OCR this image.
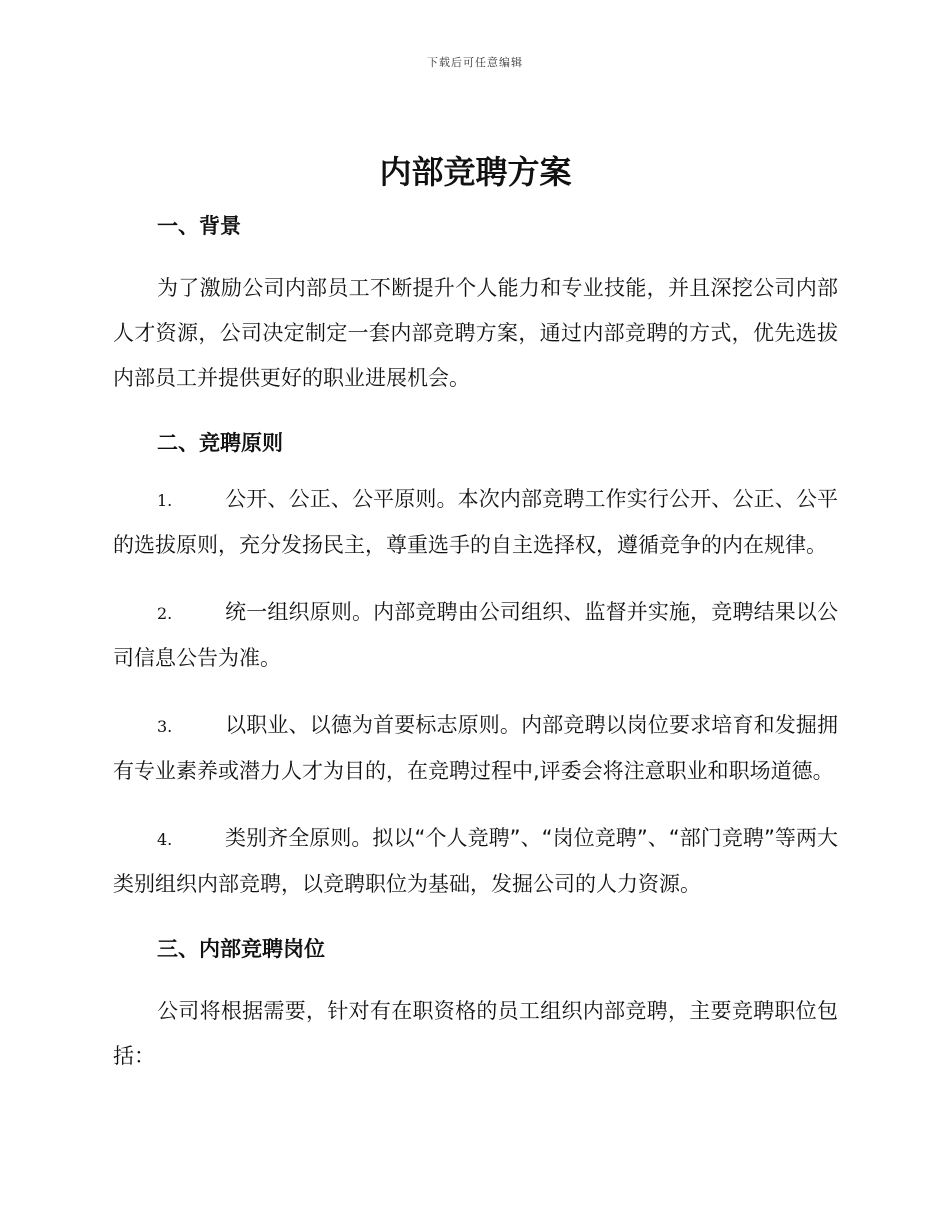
下载后可任意编辑
内部竞聘方案
一、背景

为了激励公司内部员工不断提升个人能力和专业技能，并且深挖公司内部人才资源，公司决定制定一套内部竞聘方案，通过内部竞聘的方式，优先选拔内部员工并提供更好的职业进展机会。

二、竞聘原则

1.	公开、公正、公平原则。本次内部竞聘工作实行公开、公正、公平的选拔原则，充分发扬民主，尊重选手的自主选择权，遵循竞争的内在规律。

2.	统一组织原则。内部竞聘由公司组织、监督并实施，竞聘结果以公司信息公告为准。

3.	以职业、以德为首要标志原则。内部竞聘以岗位要求培育和发掘拥有专业素养或潜力人才为目的，在竞聘过程中,评委会将注意职业和职场道德。

4.	类别齐全原则。拟以“个人竞聘”、“岗位竞聘”、“部门竞聘”等两大类别组织内部竞聘，以竞聘职位为基础，发掘公司的人力资源。

三、内部竞聘岗位

公司将根据需要，针对有在职资格的员工组织内部竞聘，主要竞聘职位包括：
